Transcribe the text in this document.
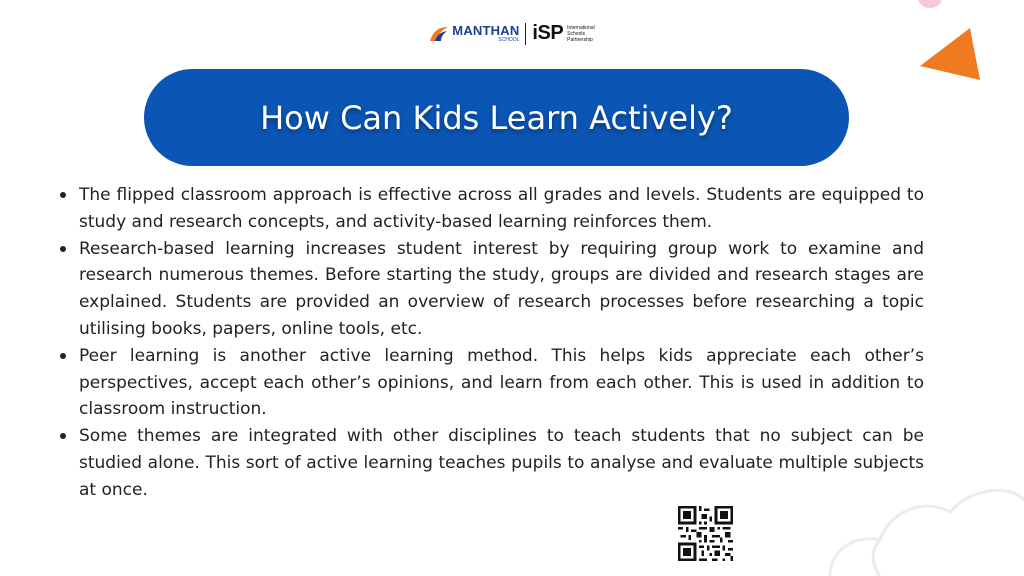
MANTHAN
SCHOOL iSP International
Schools
Partnership
How Can Kids Learn Actively?
The flipped classroom approach is effective across all grades and levels. Students are equipped to study and research concepts, and activity-based learning reinforces them.
Research-based learning increases student interest by requiring group work to examine and research numerous themes. Before starting the study, groups are divided and research stages are explained. Students are provided an overview of research processes before researching a topic utilising books, papers, online tools, etc.
Peer learning is another active learning method. This helps kids appreciate each other’s perspectives, accept each other’s opinions, and learn from each other. This is used in addition to classroom instruction.
Some themes are integrated with other disciplines to teach students that no subject can be studied alone. This sort of active learning teaches pupils to analyse and evaluate multiple subjects at once.
